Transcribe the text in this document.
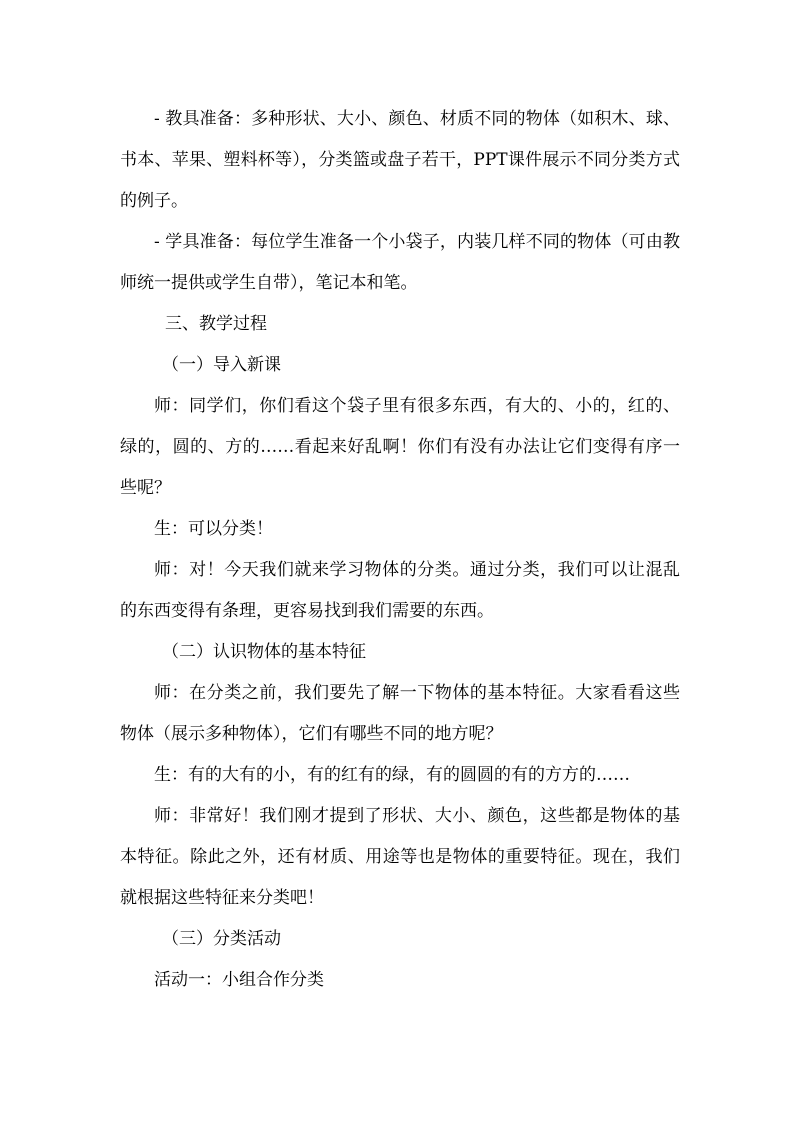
- 教具准备：多种形状、大小、颜色、材质不同的物体（如积木、球、书本、苹果、塑料杯等），分类篮或盘子若干，PPT课件展示不同分类方式的例子。

- 学具准备：每位学生准备一个小袋子，内装几样不同的物体（可由教师统一提供或学生自带），笔记本和笔。

三、教学过程

（一）导入新课

师：同学们，你们看这个袋子里有很多东西，有大的、小的，红的、绿的，圆的、方的……看起来好乱啊！你们有没有办法让它们变得有序一些呢？

生：可以分类！

师：对！今天我们就来学习物体的分类。通过分类，我们可以让混乱的东西变得有条理，更容易找到我们需要的东西。

（二）认识物体的基本特征

师：在分类之前，我们要先了解一下物体的基本特征。大家看看这些物体（展示多种物体），它们有哪些不同的地方呢？

生：有的大有的小，有的红有的绿，有的圆圆的有的方方的……

师：非常好！我们刚才提到了形状、大小、颜色，这些都是物体的基本特征。除此之外，还有材质、用途等也是物体的重要特征。现在，我们就根据这些特征来分类吧！

（三）分类活动

活动一：小组合作分类
